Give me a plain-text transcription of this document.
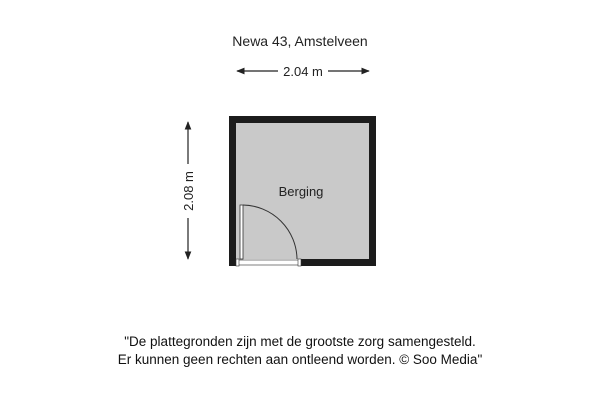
Newa 43, Amstelveen
2.04 m
2.08 m	Berging
"De plattegronden zijn met de grootste zorg samengesteld.
Er kunnen geen rechten aan ontleend worden. © Soo Media"
